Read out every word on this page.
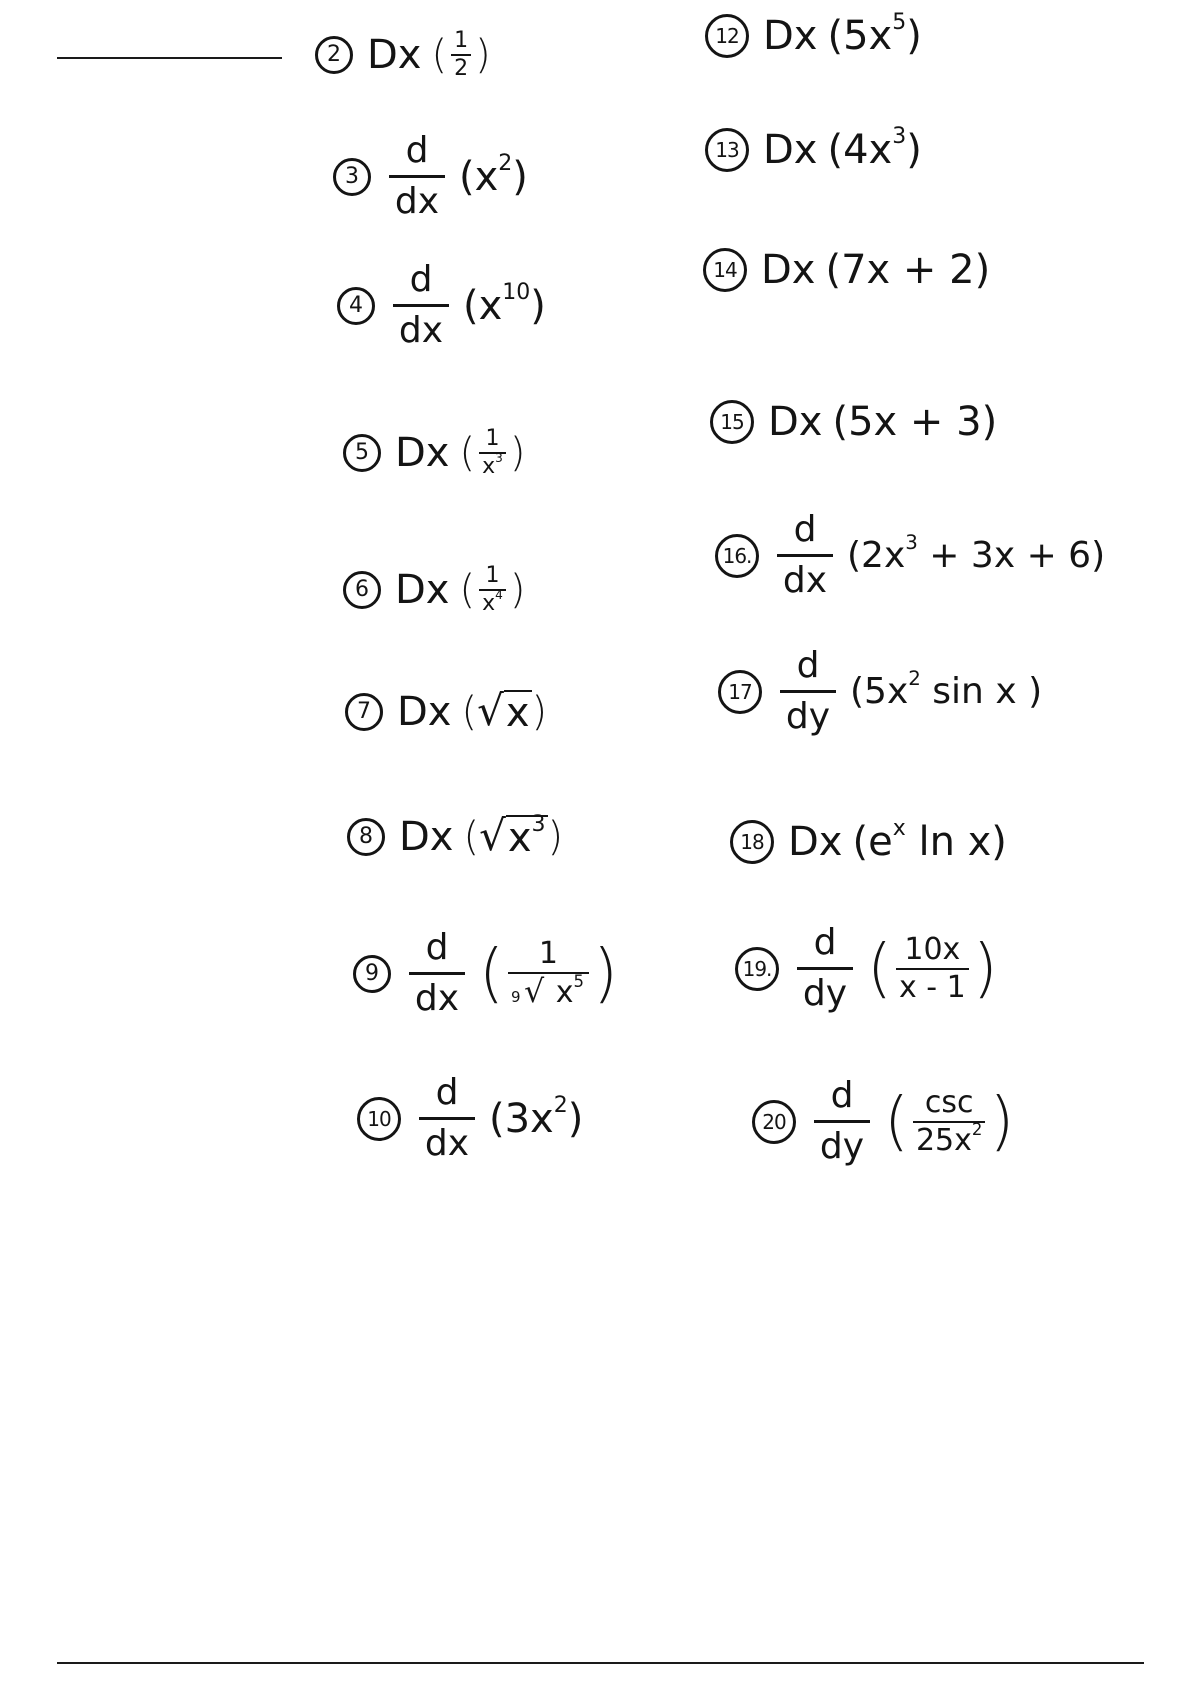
2 Dx ( $\frac{1}{2}$ )
$3 \frac{d}{dx} (x^2)$
$4 \frac{d}{dx} (x^{10})$
5 Dx ( $\frac{1}{x^3}$ )
6 Dx ( $\frac{1}{x^4}$ )
7 Dx ( √ x )
8 Dx ( √ $x^3$ )
$9 \frac{d}{dx}$ ( $\frac{1}{9 √ x^5}$ )
$10 \frac{d}{dx} (3x^2)$
12 Dx $(5x^5)$
13 Dx $(4x^3)$
14 Dx (7x + 2)
15 Dx (5x + 3)
16. $\frac{d}{dx} (2x^3 + 3x + 6)$
$17 \frac{d}{dy} (5x^2$ sin x )
18 Dx ($e^x$ ln x)
19. $\frac{d}{dy}$ ( $\frac{10x}{x - 1}$ )
$20 \frac{d}{dy}$ ( $\frac{\csc}{25x^2}$ )
